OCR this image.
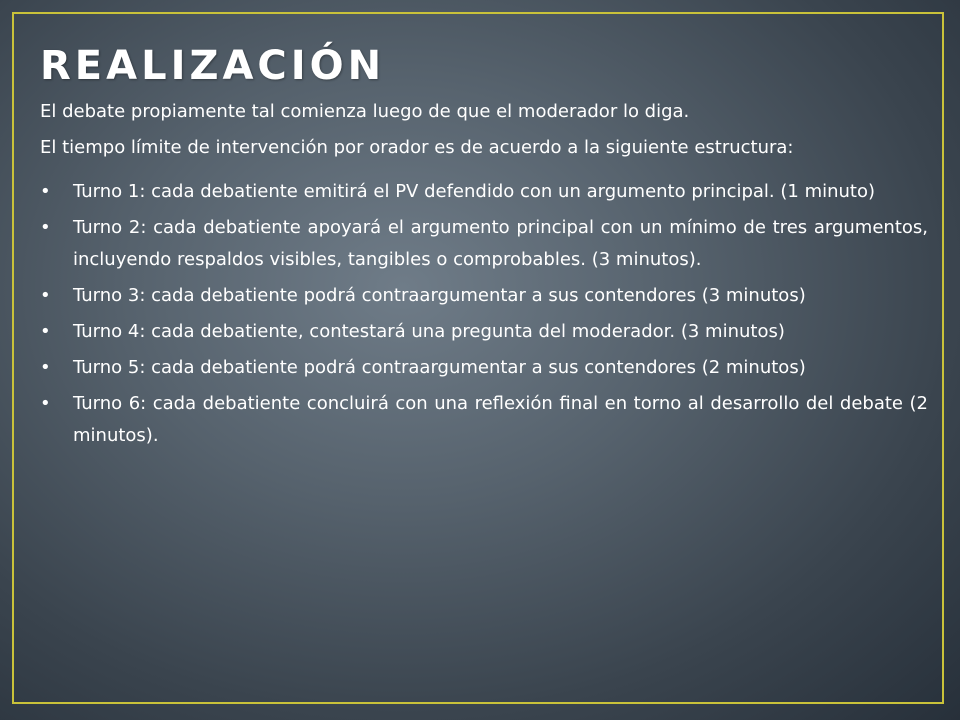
REALIZACIÓN

El debate propiamente tal comienza luego de que el moderador lo diga.

El tiempo límite de intervención por orador es de acuerdo a la siguiente estructura:

•	Turno 1: cada debatiente emitirá el PV defendido con un argumento principal. (1 minuto)
•	Turno 2: cada debatiente apoyará el argumento principal con un mínimo de tres argumentos, incluyendo respaldos visibles, tangibles o comprobables. (3 minutos).
•	Turno 3: cada debatiente podrá contraargumentar a sus contendores (3 minutos)
•	Turno 4: cada debatiente, contestará una pregunta del moderador. (3 minutos)
•	Turno 5: cada debatiente podrá contraargumentar a sus contendores (2 minutos)
•	Turno 6: cada debatiente concluirá con una reflexión final en torno al desarrollo del debate (2 minutos).
